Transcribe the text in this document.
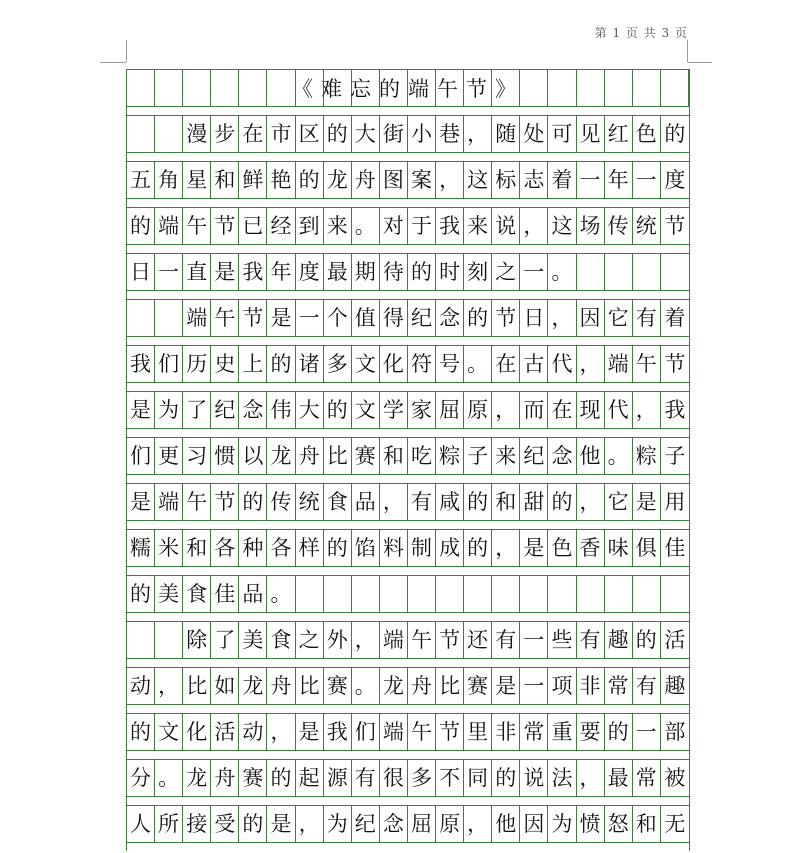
第 1 页 共 3 页
《难忘的端午节》
漫 步 在 市 区 的 大 街 小 巷 ， 随 处 可 见 红 色 的
五 角 星 和 鲜 艳 的 龙 舟 图 案 ， 这 标 志 着 一 年 一 度
的 端 午 节 已 经 到 来 。 对 于 我 来 说 ， 这 场 传 统 节
日 一 直 是 我 年 度 最 期 待 的 时 刻 之 一 。
端 午 节 是 一 个 值 得 纪 念 的 节 日 ， 因 它 有 着
我 们 历 史 上 的 诸 多 文 化 符 号 。 在 古 代 ， 端 午 节
是 为 了 纪 念 伟 大 的 文 学 家 屈 原 ， 而 在 现 代 ， 我
们 更 习 惯 以 龙 舟 比 赛 和 吃 粽 子 来 纪 念 他 。 粽 子
是 端 午 节 的 传 统 食 品 ， 有 咸 的 和 甜 的 ， 它 是 用
糯 米 和 各 种 各 样 的 馅 料 制 成 的 ， 是 色 香 味 俱 佳
的 美 食 佳 品 。
除 了 美 食 之 外 ， 端 午 节 还 有 一 些 有 趣 的 活
动 ， 比 如 龙 舟 比 赛 。 龙 舟 比 赛 是 一 项 非 常 有 趣
的 文 化 活 动 ， 是 我 们 端 午 节 里 非 常 重 要 的 一 部
分 。 龙 舟 赛 的 起 源 有 很 多 不 同 的 说 法 ， 最 常 被
人 所 接 受 的 是 ， 为 纪 念 屈 原 ， 他 因 为 愤 怒 和 无
